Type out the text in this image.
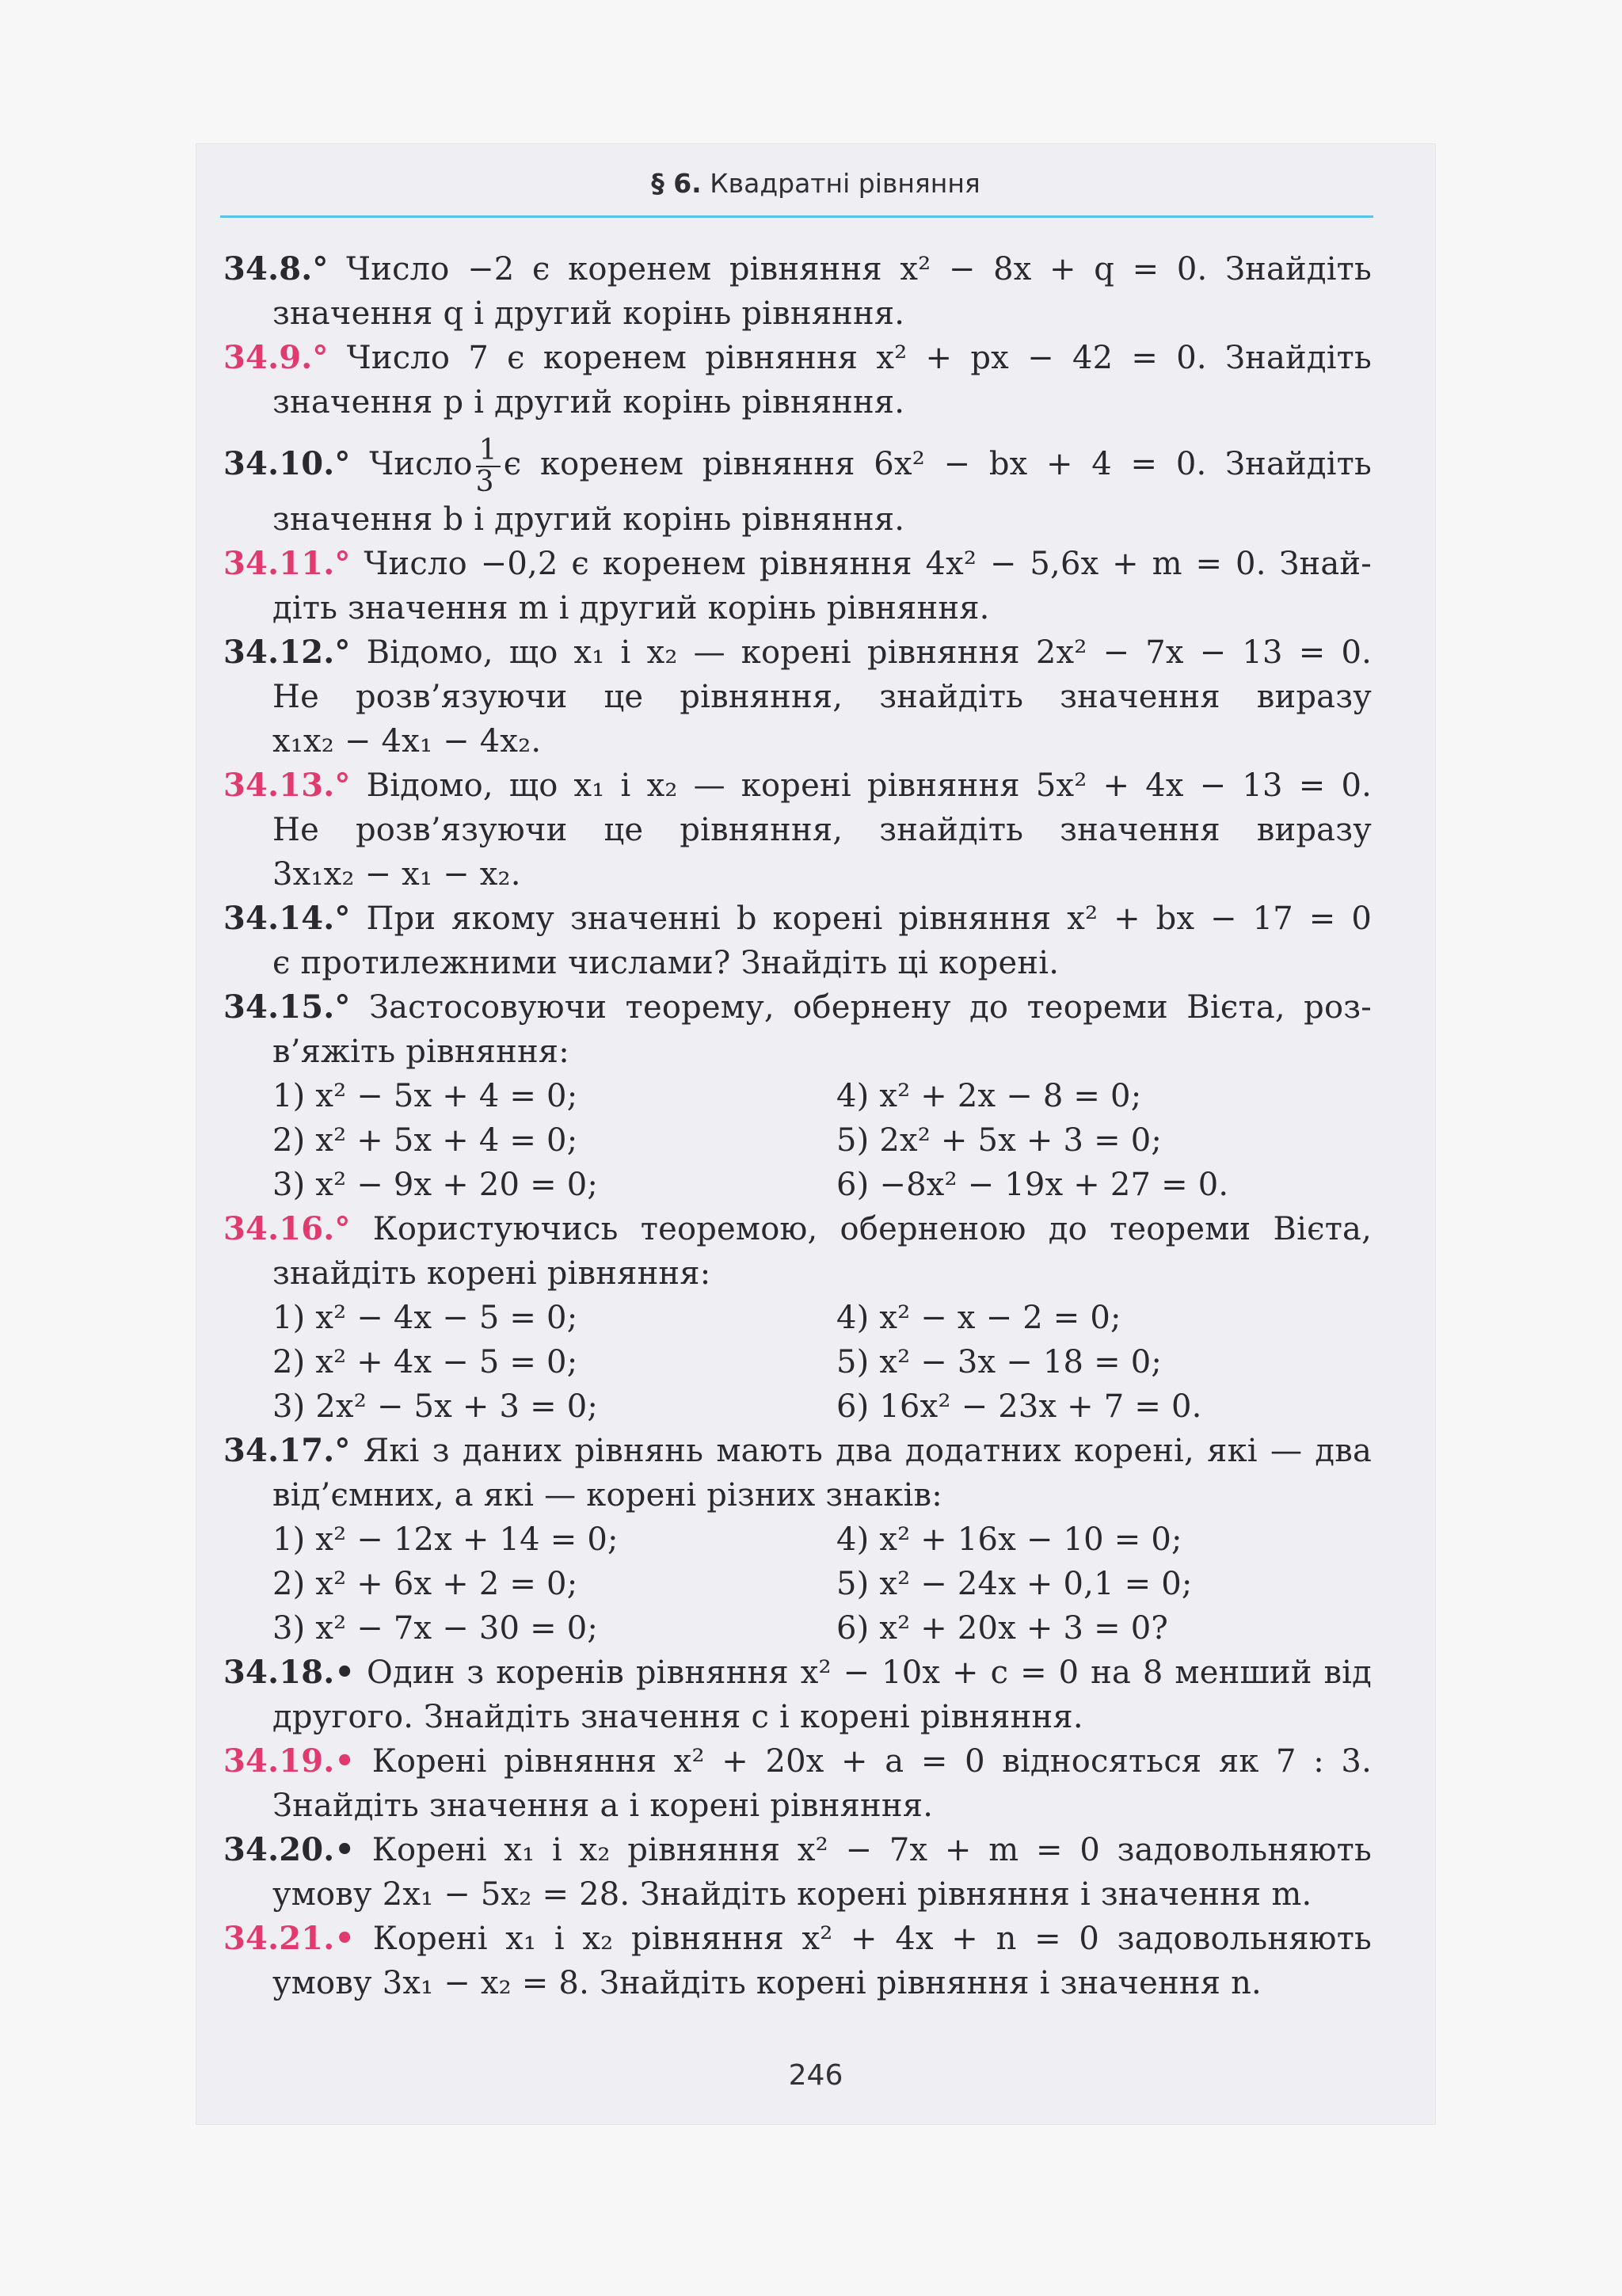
§ 6. Квадратні рівняння
34.8.° Число −2 є коренем рівняння x² − 8x + q = 0. Знайдіть
значення q і другий корінь рівняння.
34.9.° Число 7 є коренем рівняння x² + px − 42 = 0. Знайдіть
значення p і другий корінь рівняння.
34.10.° Число $\frac{1}{3}$ є коренем рівняння 6x² − bx + 4 = 0. Знайдіть
значення b і другий корінь рівняння.
34.11.° Число −0,2 є коренем рівняння 4x² − 5,6x + m = 0. Знай-
діть значення m і другий корінь рівняння.
34.12.° Відомо, що x₁ і x₂ — корені рівняння 2x² − 7x − 13 = 0.
Не розв’язуючи це рівняння, знайдіть значення виразу
x₁x₂ − 4x₁ − 4x₂.
34.13.° Відомо, що x₁ і x₂ — корені рівняння 5x² + 4x − 13 = 0.
Не розв’язуючи це рівняння, знайдіть значення виразу
3x₁x₂ − x₁ − x₂.
34.14.° При якому значенні b корені рівняння x² + bx − 17 = 0
є протилежними числами? Знайдіть ці корені.
34.15.° Застосовуючи теорему, обернену до теореми Вієта, роз-
в’яжіть рівняння:
1) x² − 5x + 4 = 0;	4) x² + 2x − 8 = 0;
2) x² + 5x + 4 = 0;	5) 2x² + 5x + 3 = 0;
3) x² − 9x + 20 = 0;	6) −8x² − 19x + 27 = 0.
34.16.° Користуючись теоремою, оберненою до теореми Вієта,
знайдіть корені рівняння:
1) x² − 4x − 5 = 0;	4) x² − x − 2 = 0;
2) x² + 4x − 5 = 0;	5) x² − 3x − 18 = 0;
3) 2x² − 5x + 3 = 0;	6) 16x² − 23x + 7 = 0.
34.17.° Які з даних рівнянь мають два додатних корені, які — два
від’ємних, а які — корені різних знаків:
1) x² − 12x + 14 = 0;	4) x² + 16x − 10 = 0;
2) x² + 6x + 2 = 0;	5) x² − 24x + 0,1 = 0;
3) x² − 7x − 30 = 0;	6) x² + 20x + 3 = 0?
34.18.• Один з коренів рівняння x² − 10x + c = 0 на 8 менший від
другого. Знайдіть значення c і корені рівняння.
34.19.• Корені рівняння x² + 20x + a = 0 відносяться як 7 : 3.
Знайдіть значення a і корені рівняння.
34.20.• Корені x₁ і x₂ рівняння x² − 7x + m = 0 задовольняють
умову 2x₁ − 5x₂ = 28. Знайдіть корені рівняння і значення m.
34.21.• Корені x₁ і x₂ рівняння x² + 4x + n = 0 задовольняють
умову 3x₁ − x₂ = 8. Знайдіть корені рівняння і значення n.
246
